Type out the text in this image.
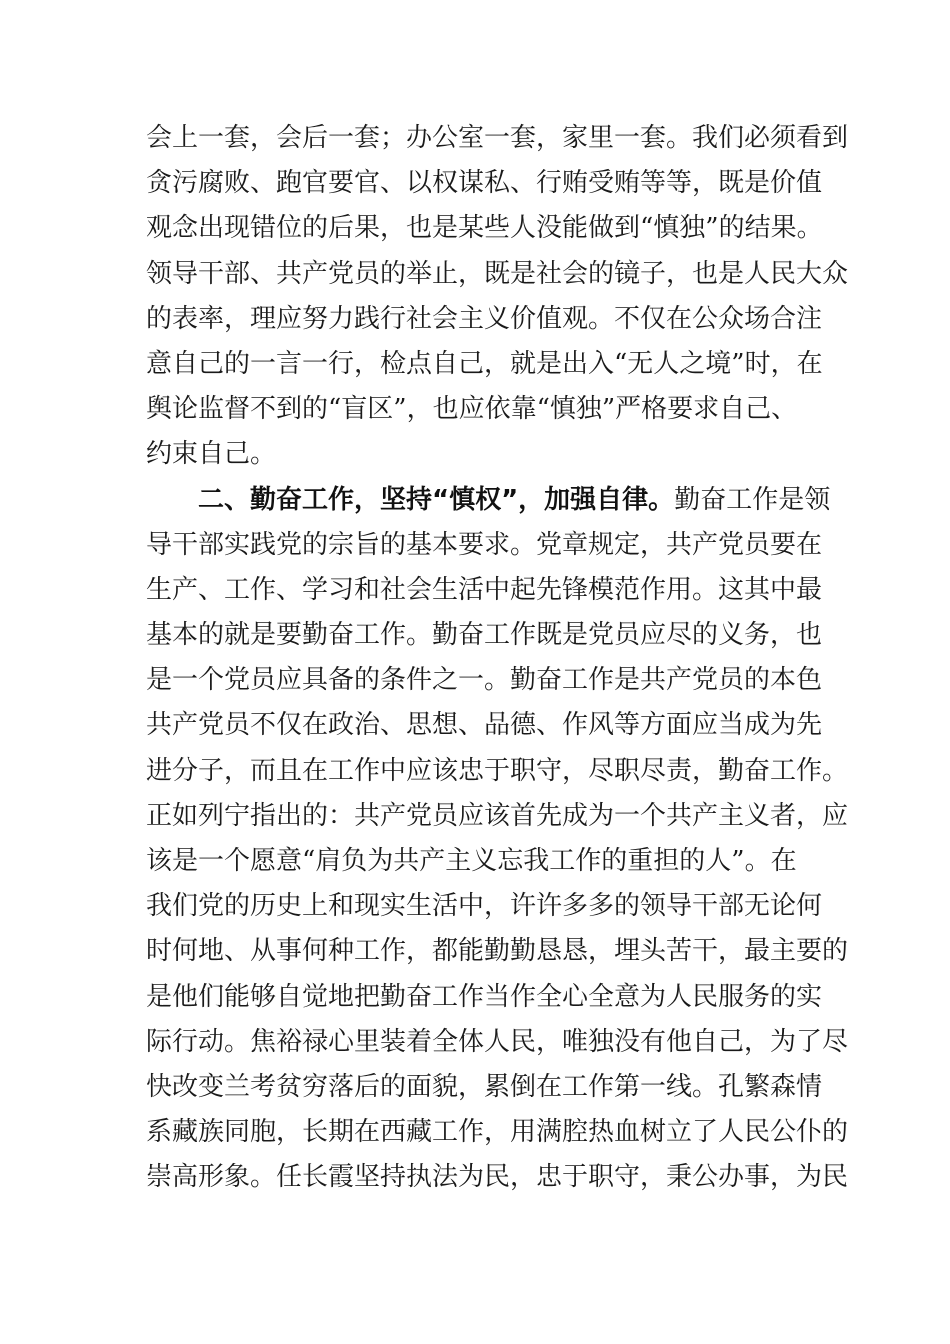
会上一套，会后一套；办公室一套，家里一套。我们必须看到
贪污腐败、跑官要官、以权谋私、行贿受贿等等，既是价值
观念出现错位的后果，也是某些人没能做到“慎独”的结果。
领导干部、共产党员的举止，既是社会的镜子，也是人民大众
的表率，理应努力践行社会主义价值观。不仅在公众场合注
意自己的一言一行，检点自己，就是出入“无人之境”时，在
舆论监督不到的“盲区”，也应依靠“慎独”严格要求自己、
约束自己。
二、勤奋工作，坚持“慎权”，加强自律。勤奋工作是领
导干部实践党的宗旨的基本要求。党章规定，共产党员要在
生产、工作、学习和社会生活中起先锋模范作用。这其中最
基本的就是要勤奋工作。勤奋工作既是党员应尽的义务，也
是一个党员应具备的条件之一。勤奋工作是共产党员的本色
共产党员不仅在政治、思想、品德、作风等方面应当成为先
进分子，而且在工作中应该忠于职守，尽职尽责，勤奋工作。
正如列宁指出的：共产党员应该首先成为一个共产主义者，应
该是一个愿意“肩负为共产主义忘我工作的重担的人”。在
我们党的历史上和现实生活中，许许多多的领导干部无论何
时何地、从事何种工作，都能勤勤恳恳，埋头苦干，最主要的
是他们能够自觉地把勤奋工作当作全心全意为人民服务的实
际行动。焦裕禄心里装着全体人民，唯独没有他自己，为了尽
快改变兰考贫穷落后的面貌，累倒在工作第一线。孔繁森情
系藏族同胞，长期在西藏工作，用满腔热血树立了人民公仆的
崇高形象。任长霞坚持执法为民，忠于职守，秉公办事，为民
